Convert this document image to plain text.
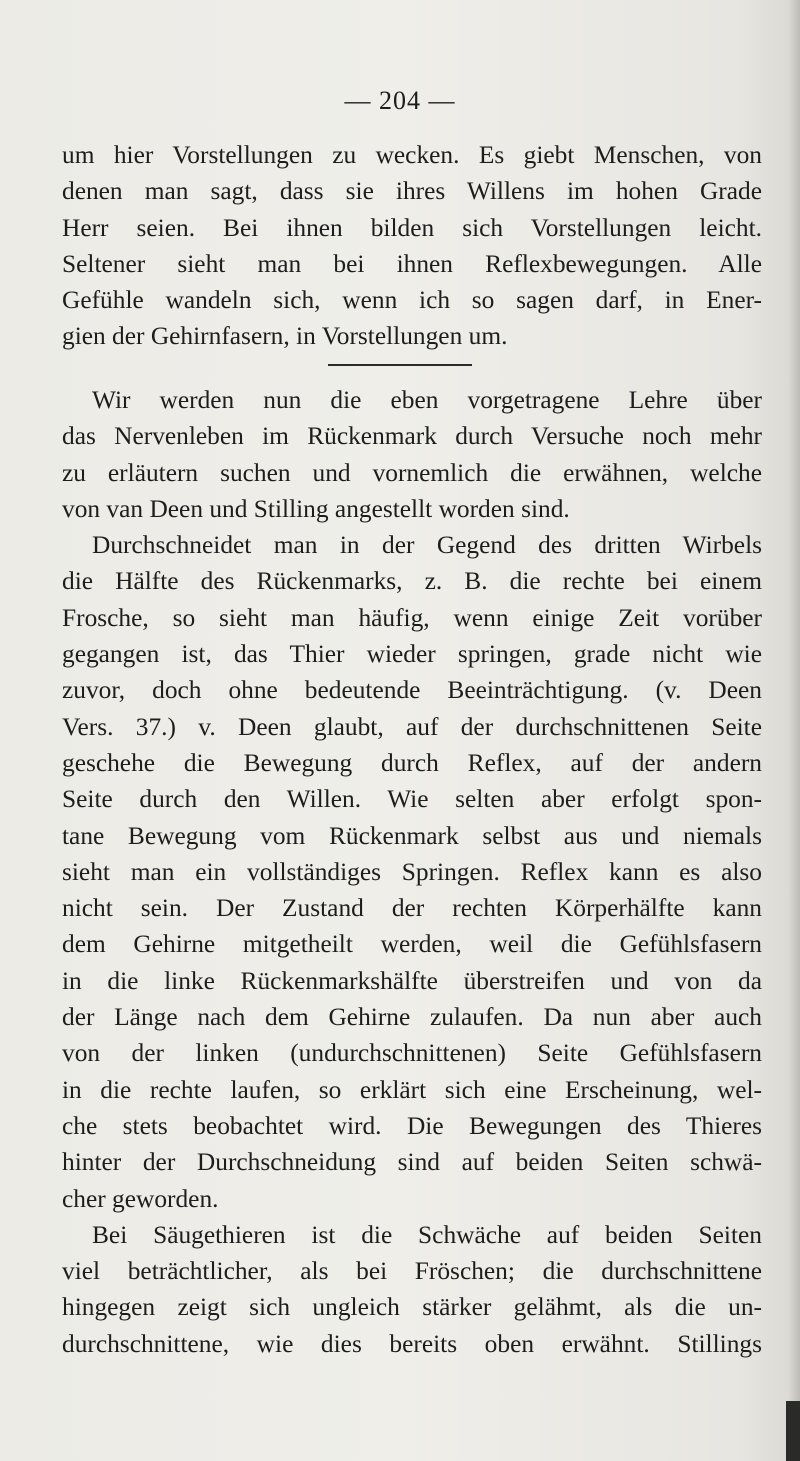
— 204 —
um hier Vorstellungen zu wecken. Es giebt Menschen, von
denen man sagt, dass sie ihres Willens im hohen Grade
Herr seien. Bei ihnen bilden sich Vorstellungen leicht.
Seltener sieht man bei ihnen Reflexbewegungen. Alle
Gefühle wandeln sich, wenn ich so sagen darf, in Ener-
gien der Gehirnfasern, in Vorstellungen um.
Wir werden nun die eben vorgetragene Lehre über
das Nervenleben im Rückenmark durch Versuche noch mehr
zu erläutern suchen und vornemlich die erwähnen, welche
von van Deen und Stilling angestellt worden sind.
Durchschneidet man in der Gegend des dritten Wirbels
die Hälfte des Rückenmarks, z. B. die rechte bei einem
Frosche, so sieht man häufig, wenn einige Zeit vorüber
gegangen ist, das Thier wieder springen, grade nicht wie
zuvor, doch ohne bedeutende Beeinträchtigung. (v. Deen
Vers. 37.) v. Deen glaubt, auf der durchschnittenen Seite
geschehe die Bewegung durch Reflex, auf der andern
Seite durch den Willen. Wie selten aber erfolgt spon-
tane Bewegung vom Rückenmark selbst aus und niemals
sieht man ein vollständiges Springen. Reflex kann es also
nicht sein. Der Zustand der rechten Körperhälfte kann
dem Gehirne mitgetheilt werden, weil die Gefühlsfasern
in die linke Rückenmarkshälfte überstreifen und von da
der Länge nach dem Gehirne zulaufen. Da nun aber auch
von der linken (undurchschnittenen) Seite Gefühlsfasern
in die rechte laufen, so erklärt sich eine Erscheinung, wel-
che stets beobachtet wird. Die Bewegungen des Thieres
hinter der Durchschneidung sind auf beiden Seiten schwä-
cher geworden.
Bei Säugethieren ist die Schwäche auf beiden Seiten
viel beträchtlicher, als bei Fröschen; die durchschnittene
hingegen zeigt sich ungleich stärker gelähmt, als die un-
durchschnittene, wie dies bereits oben erwähnt. Stillings
